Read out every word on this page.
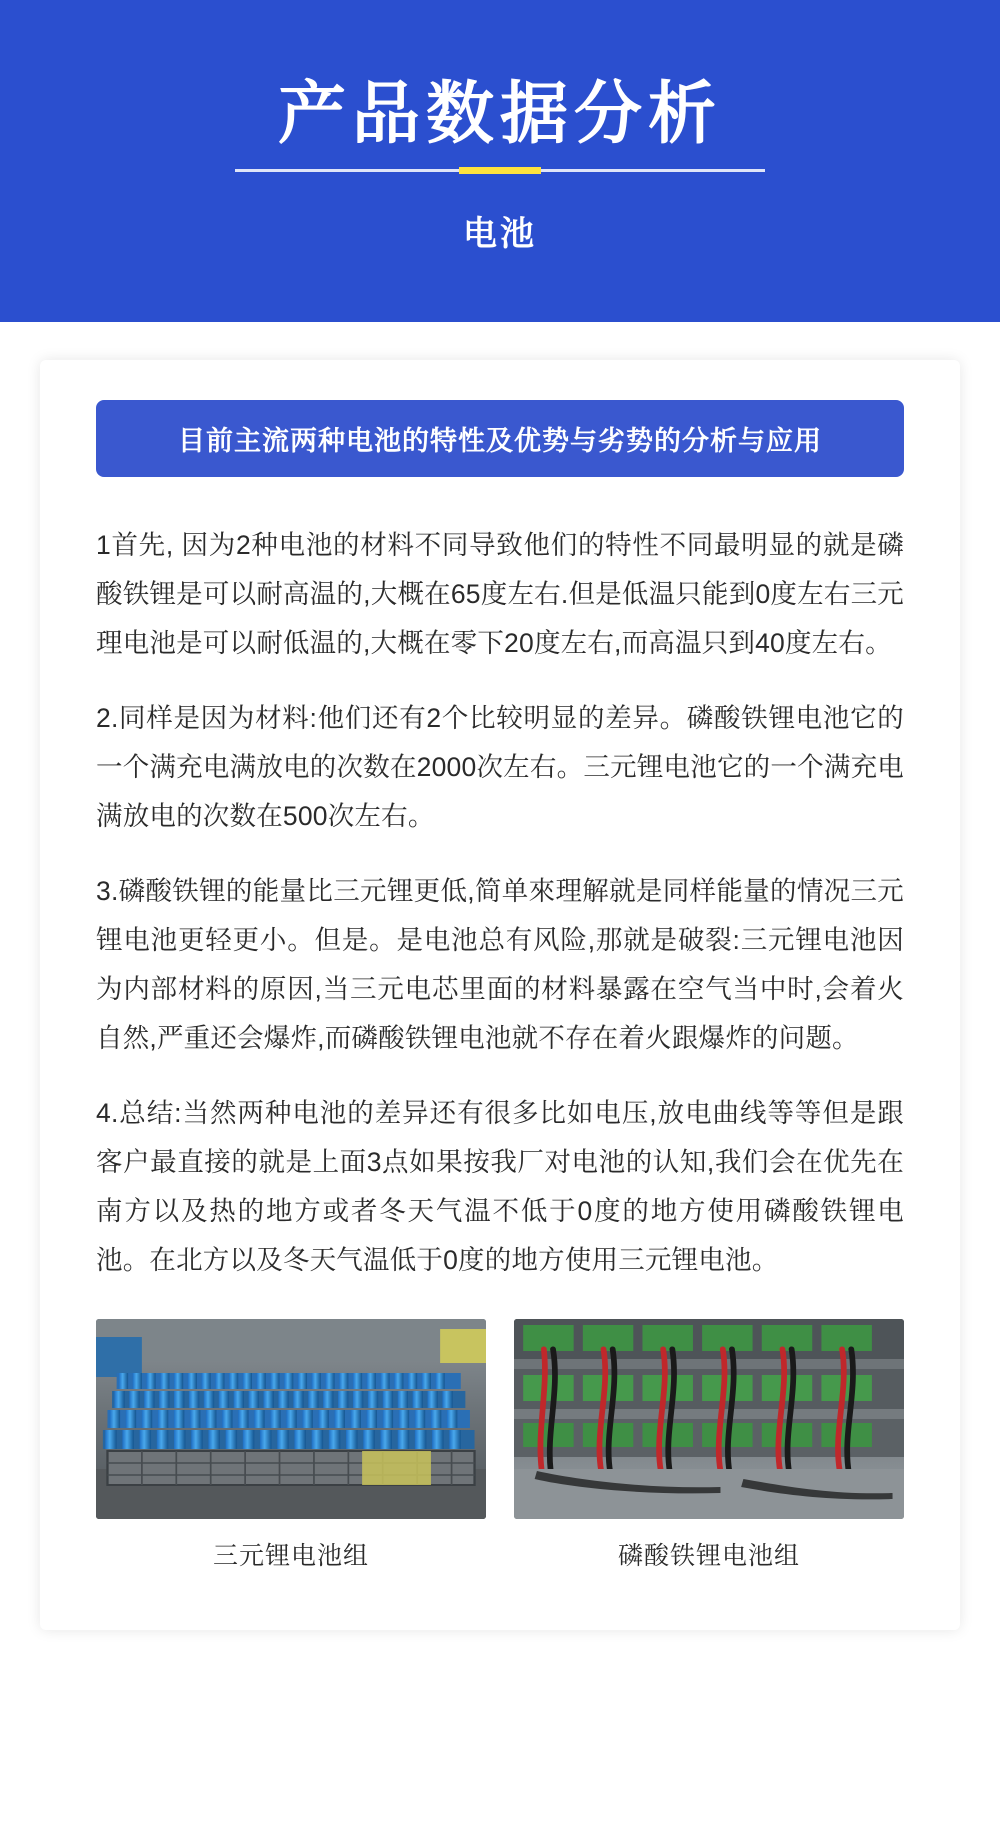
产品数据分析
电池
目前主流两种电池的特性及优势与劣势的分析与应用

1首先, 因为2种电池的材料不同导致他们的特性不同最明显的就是磷酸铁锂是可以耐高温的,大概在65度左右.但是低温只能到0度左右三元理电池是可以耐低温的,大概在零下20度左右,而高温只到40度左右。

2.同样是因为材料:他们还有2个比较明显的差异。磷酸铁锂电池它的一个满充电满放电的次数在2000次左右。三元锂电池它的一个满充电满放电的次数在500次左右。

3.磷酸铁锂的能量比三元锂更低,简单來理解就是同样能量的情况三元锂电池更轻更小。但是。是电池总有风险,那就是破裂:三元锂电池因为内部材料的原因,当三元电芯里面的材料暴露在空气当中时,会着火自然,严重还会爆炸,而磷酸铁锂电池就不存在着火跟爆炸的问题。

4.总结:当然两种电池的差异还有很多比如电压,放电曲线等等但是跟客户最直接的就是上面3点如果按我厂对电池的认知,我们会在优先在南方以及热的地方或者冬天气温不低于0度的地方使用磷酸铁锂电池。在北方以及冬天气温低于0度的地方使用三元锂电池。

三元锂电池组	磷酸铁锂电池组
